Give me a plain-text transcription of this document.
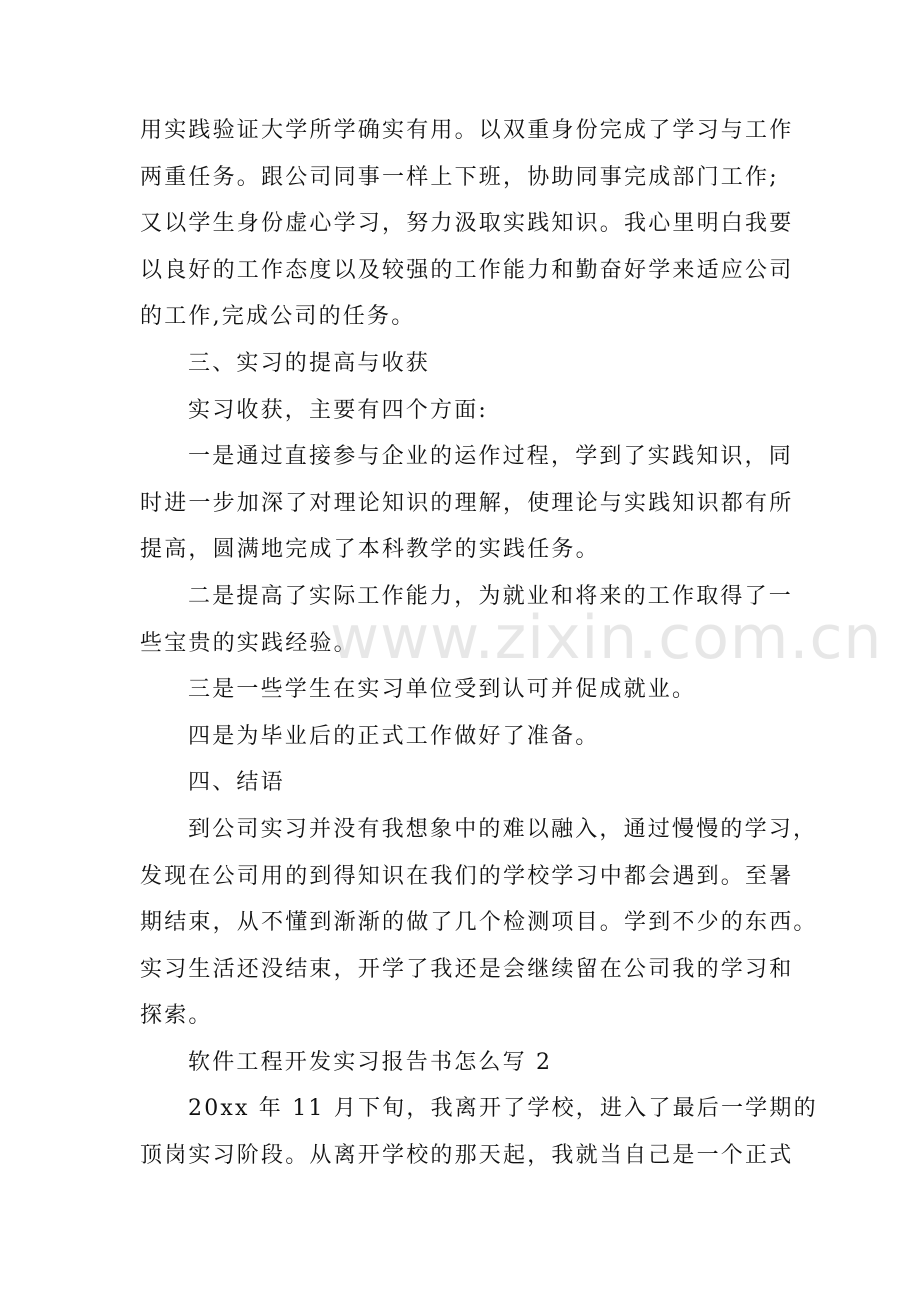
用实践验证大学所学确实有用。以双重身份完成了学习与工作
两重任务。跟公司同事一样上下班，协助同事完成部门工作;
又以学生身份虚心学习，努力汲取实践知识。我心里明白我要
以良好的工作态度以及较强的工作能力和勤奋好学来适应公司
的工作,完成公司的任务。
三、实习的提高与收获
实习收获，主要有四个方面:
一是通过直接参与企业的运作过程，学到了实践知识，同
时进一步加深了对理论知识的理解，使理论与实践知识都有所
提高，圆满地完成了本科教学的实践任务。
二是提高了实际工作能力，为就业和将来的工作取得了一
些宝贵的实践经验。
三是一些学生在实习单位受到认可并促成就业。
四是为毕业后的正式工作做好了准备。
四、结语
到公司实习并没有我想象中的难以融入，通过慢慢的学习，
发现在公司用的到得知识在我们的学校学习中都会遇到。至暑
期结束，从不懂到渐渐的做了几个检测项目。学到不少的东西。
实习生活还没结束，开学了我还是会继续留在公司我的学习和
探索。
软件工程开发实习报告书怎么写 2
20xx 年 11 月下旬，我离开了学校，进入了最后一学期的
顶岗实习阶段。从离开学校的那天起，我就当自己是一个正式
www.zixin.com.cn
